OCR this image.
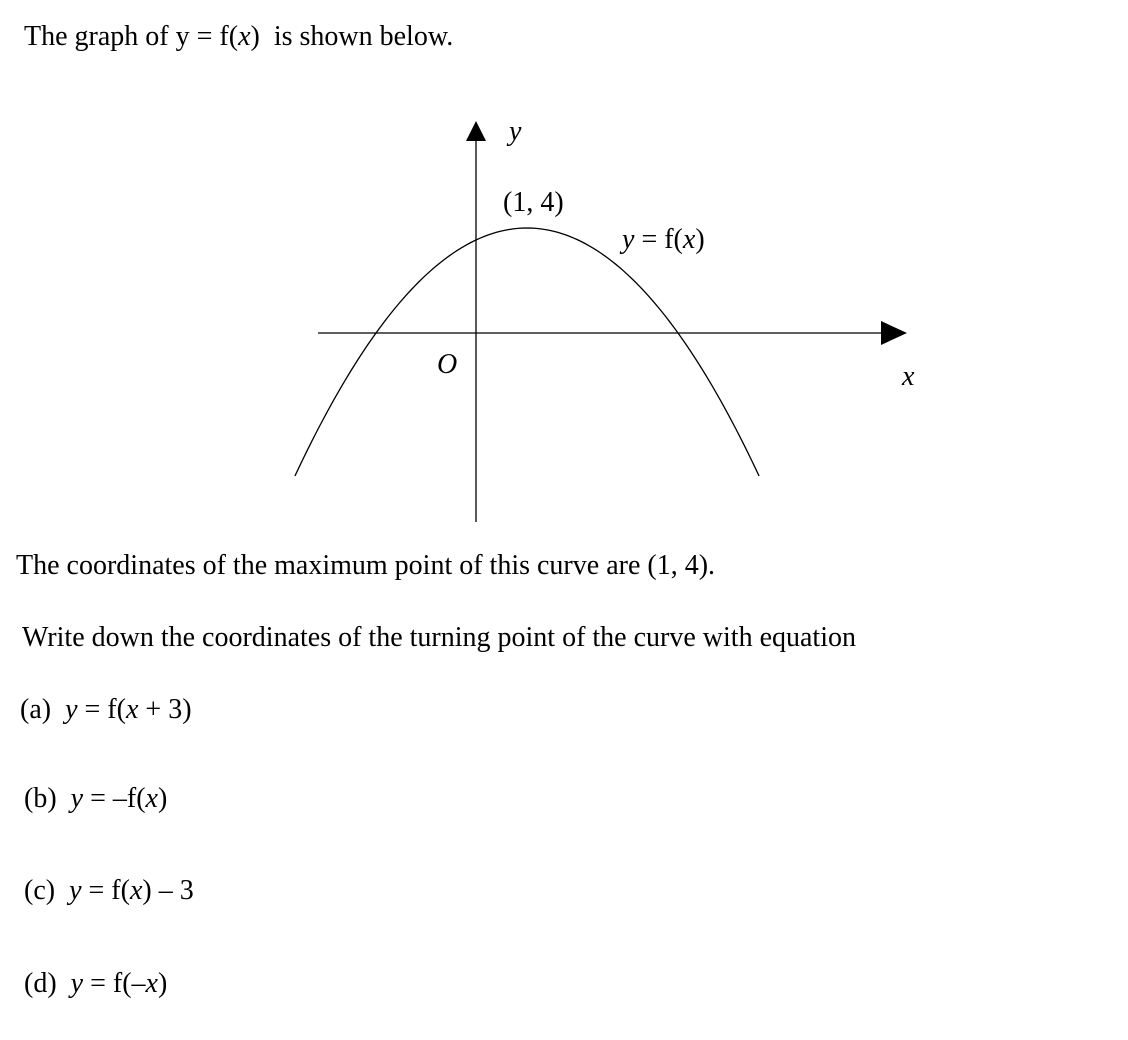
The graph of y = f(x)  is shown below.
y
x
O
(1, 4)
y = f(x)
The coordinates of the maximum point of this curve are (1, 4).
Write down the coordinates of the turning point of the curve with equation
(a) y = f(x + 3)
(b) y = –f(x)
(c) y = f(x) – 3
(d) y = f(–x)
